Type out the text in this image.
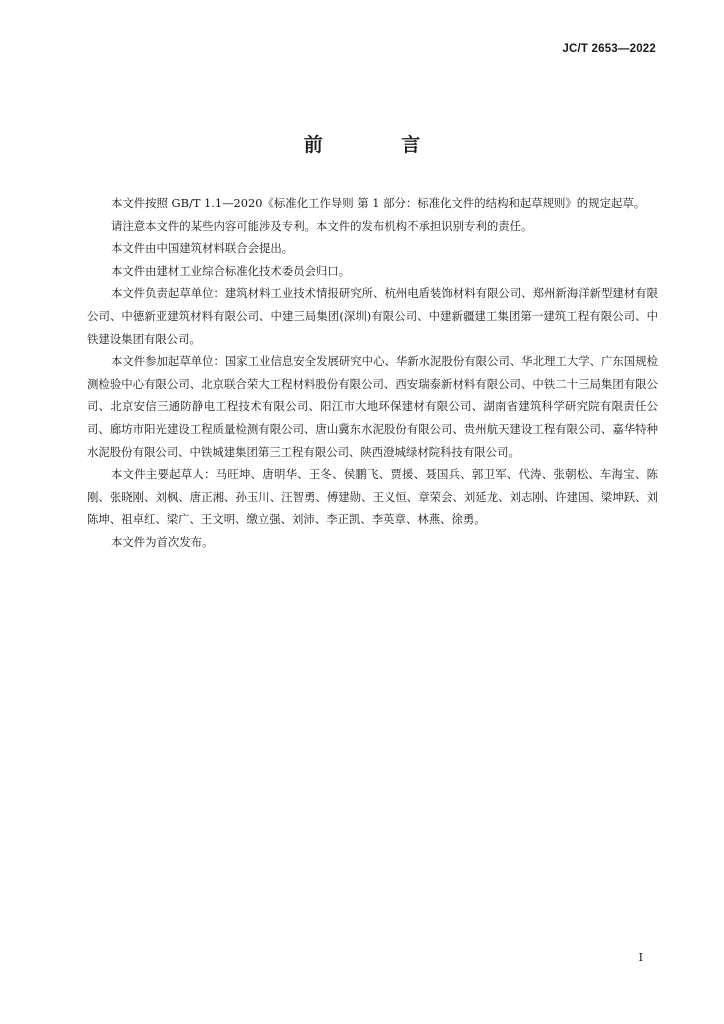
JC/T 2653—2022
前 言

本文件按照 GB/T 1.1—2020《标准化工作导则 第 1 部分：标准化文件的结构和起草规则》的规定起草。

请注意本文件的某些内容可能涉及专利。本文件的发布机构不承担识别专利的责任。

本文件由中国建筑材料联合会提出。

本文件由建材工业综合标准化技术委员会归口。

本文件负责起草单位：建筑材料工业技术情报研究所、杭州电盾装饰材料有限公司、郑州新海洋新型建材有限公司、中德新亚建筑材料有限公司、中建三局集团(深圳)有限公司、中建新疆建工集团第一建筑工程有限公司、中铁建设集团有限公司。

本文件参加起草单位：国家工业信息安全发展研究中心、华新水泥股份有限公司、华北理工大学、广东国规检测检验中心有限公司、北京联合荣大工程材料股份有限公司、西安瑞泰新材料有限公司、中铁二十三局集团有限公司、北京安信三通防静电工程技术有限公司、阳江市大地环保建材有限公司、湖南省建筑科学研究院有限责任公司、廊坊市阳光建设工程质量检测有限公司、唐山冀东水泥股份有限公司、贵州航天建设工程有限公司、嘉华特种水泥股份有限公司、中铁城建集团第三工程有限公司、陕西澄城绿材院科技有限公司。

本文件主要起草人：马旺坤、唐明华、王冬、侯鹏飞、贾援、聂国兵、郭卫军、代涛、张朝松、车海宝、陈刚、张晓刚、刘枫、唐正湘、孙玉川、汪智勇、傅建勋、王义恒、章荣会、刘延龙、刘志刚、许建国、梁坤跃、刘陈坤、祖卓红、梁广、王文明、缴立强、刘沛、李正凯、李英章、林燕、徐勇。

本文件为首次发布。

I
